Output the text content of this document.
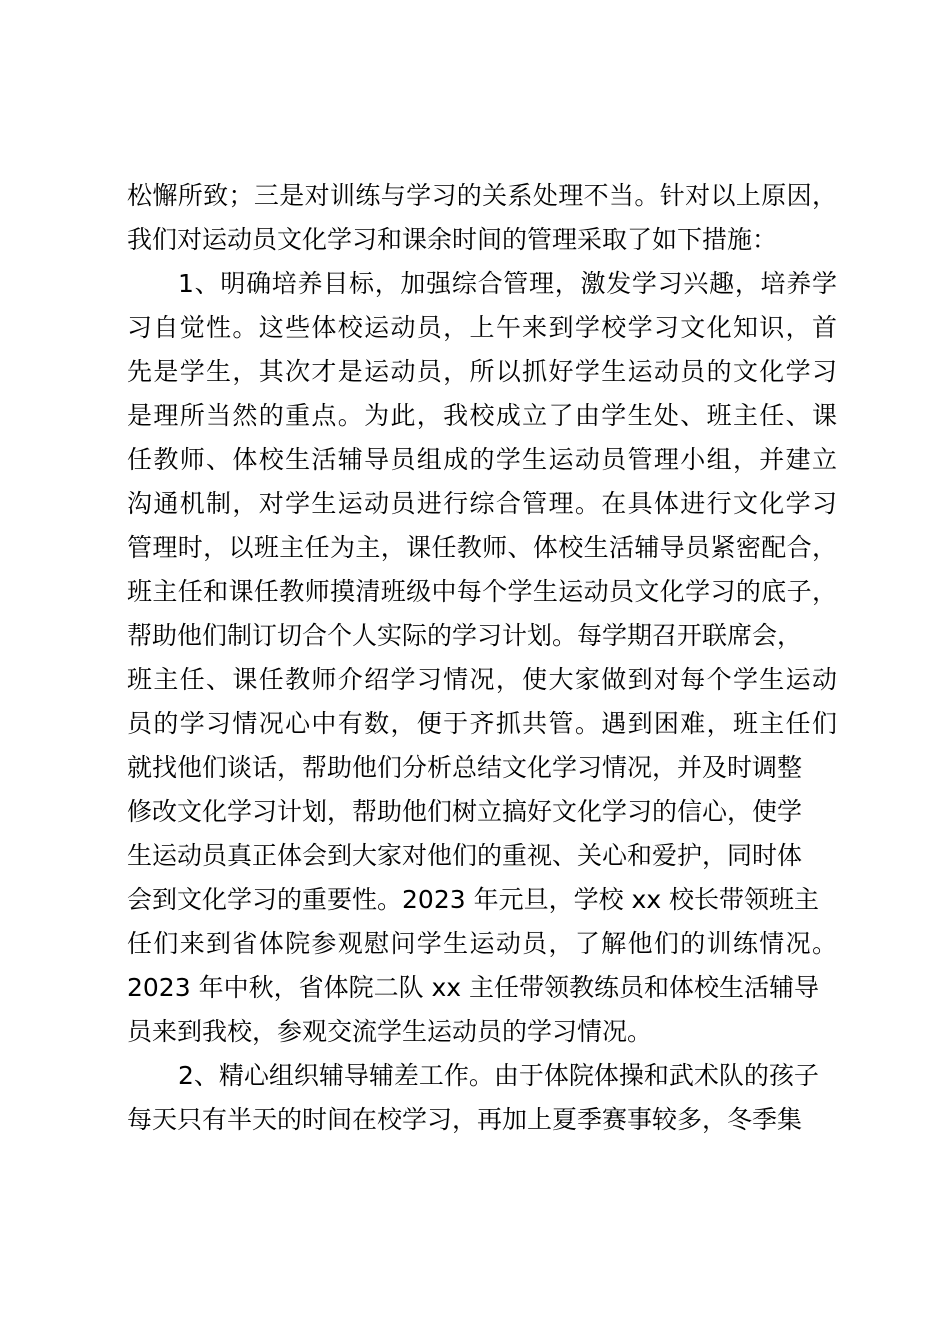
松懈所致；三是对训练与学习的关系处理不当。针对以上原因，
我们对运动员文化学习和课余时间的管理采取了如下措施：
1、明确培养目标，加强综合管理，激发学习兴趣，培养学
习自觉性。这些体校运动员，上午来到学校学习文化知识，首
先是学生，其次才是运动员，所以抓好学生运动员的文化学习
是理所当然的重点。为此，我校成立了由学生处、班主任、课
任教师、体校生活辅导员组成的学生运动员管理小组，并建立
沟通机制，对学生运动员进行综合管理。在具体进行文化学习
管理时，以班主任为主，课任教师、体校生活辅导员紧密配合，
班主任和课任教师摸清班级中每个学生运动员文化学习的底子，
帮助他们制订切合个人实际的学习计划。每学期召开联席会，
班主任、课任教师介绍学习情况，使大家做到对每个学生运动
员的学习情况心中有数，便于齐抓共管。遇到困难，班主任们
就找他们谈话，帮助他们分析总结文化学习情况，并及时调整
修改文化学习计划，帮助他们树立搞好文化学习的信心，使学
生运动员真正体会到大家对他们的重视、关心和爱护，同时体
会到文化学习的重要性。2023 年元旦，学校 xx 校长带领班主
任们来到省体院参观慰问学生运动员，了解他们的训练情况。
2023 年中秋，省体院二队 xx 主任带领教练员和体校生活辅导
员来到我校，参观交流学生运动员的学习情况。
2、精心组织辅导辅差工作。由于体院体操和武术队的孩子
每天只有半天的时间在校学习，再加上夏季赛事较多，冬季集
